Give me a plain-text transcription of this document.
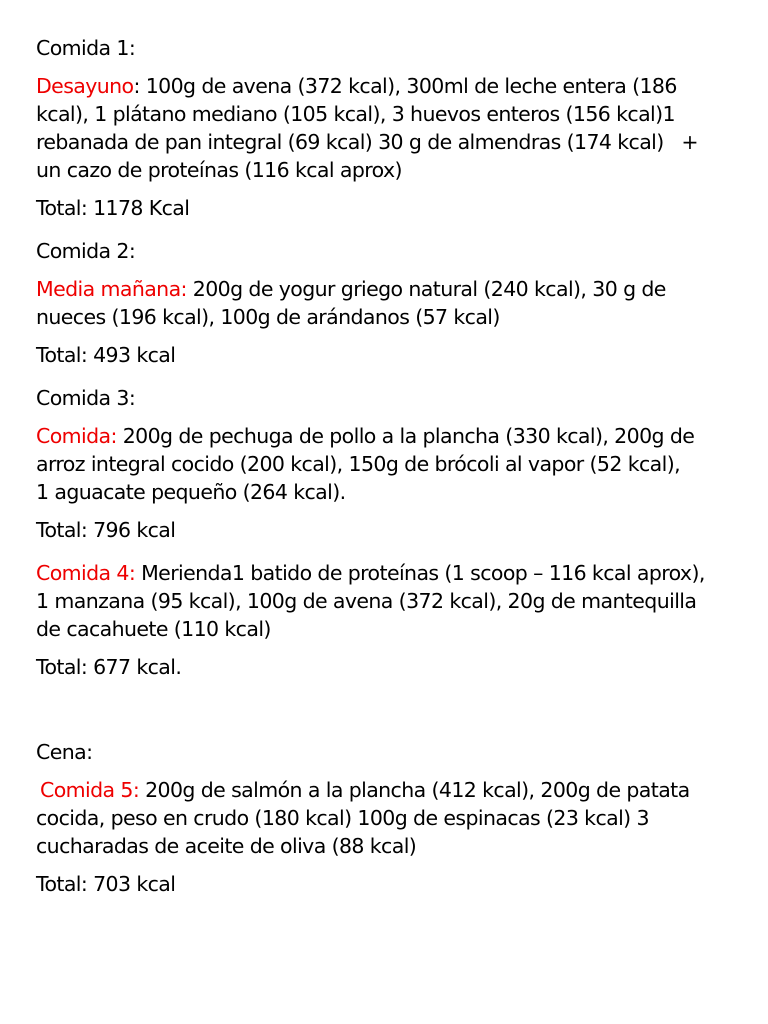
Comida 1:

Desayuno: 100g de avena (372 kcal), 300ml de leche entera (186

kcal), 1 plátano mediano (105 kcal), 3 huevos enteros (156 kcal)1

rebanada de pan integral (69 kcal) 30 g de almendras (174 kcal)   +

un cazo de proteínas (116 kcal aprox)

Total: 1178 Kcal

Comida 2:

Media mañana: 200g de yogur griego natural (240 kcal), 30 g de

nueces (196 kcal), 100g de arándanos (57 kcal)

Total: 493 kcal

Comida 3:

Comida: 200g de pechuga de pollo a la plancha (330 kcal), 200g de

arroz integral cocido (200 kcal), 150g de brócoli al vapor (52 kcal),

1 aguacate pequeño (264 kcal).

Total: 796 kcal

Comida 4: Merienda1 batido de proteínas (1 scoop – 116 kcal aprox),

1 manzana (95 kcal), 100g de avena (372 kcal), 20g de mantequilla

de cacahuete (110 kcal)

Total: 677 kcal.

Cena:

Comida 5: 200g de salmón a la plancha (412 kcal), 200g de patata

cocida, peso en crudo (180 kcal) 100g de espinacas (23 kcal) 3

cucharadas de aceite de oliva (88 kcal)

Total: 703 kcal
